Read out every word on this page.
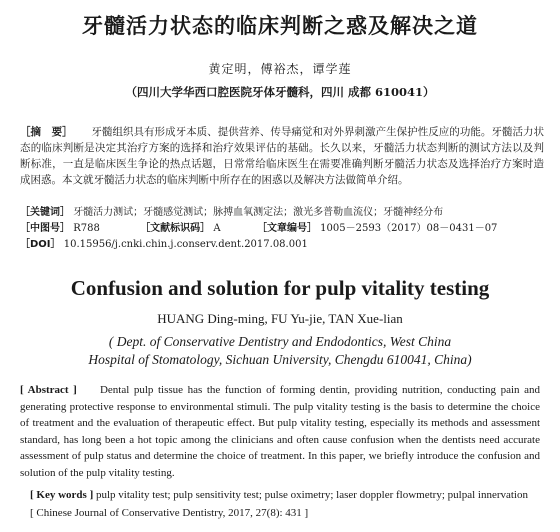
牙髓活力状态的临床判断之惑及解决之道
黄定明，傅裕杰，谭学莲
（四川大学华西口腔医院牙体牙髓科，四川 成都 610041）
［摘　要］ 牙髓组织具有形成牙本质、提供营养、传导痛觉和对外界刺激产生保护性反应的功能。牙髓活力状态的临床判断是决定其治疗方案的选择和治疗效果评估的基础。长久以来，牙髓活力状态判断的测试方法以及判断标准，一直是临床医生争论的热点话题，日常常给临床医生在需要准确判断牙髓活力状态及选择治疗方案时造成困惑。本文就牙髓活力状态的临床判断中所存在的困惑以及解决方法做简单介绍。
［关键词］ 牙髓活力测试；牙髓感觉测试；脉搏血氧测定法；激光多普勒血流仪；牙髓神经分布
［中图号］ R788	［文献标识码］ A	［文章编号］ 1005－2593（2017）08－0431－07
［DOI］ 10.15956/j.cnki.chin.j.conserv.dent.2017.08.001
Confusion and solution for pulp vitality testing
HUANG Ding-ming, FU Yu-jie, TAN Xue-lian
( Dept. of Conservative Dentistry and Endodontics, West China
Hospital of Stomatology, Sichuan University, Chengdu 610041, China)
[ Abstract ] Dental pulp tissue has the function of forming dentin, providing nutrition, conducting pain and generating protective response to environmental stimuli. The pulp vitality testing is the basis to determine the choice of treatment and the evaluation of therapeutic effect. But pulp vitality testing, especially its methods and assessment standard, has long been a hot topic among the clinicians and often cause confusion when the dentists need accurate assessment of pulp status and determine the choice of treatment. In this paper, we briefly introduce the confusion and solution of the pulp vitality testing.
[ Key words ] pulp vitality test; pulp sensitivity test; pulse oximetry; laser doppler flowmetry; pulpal innervation
[ Chinese Journal of Conservative Dentistry, 2017, 27(8): 431 ]
